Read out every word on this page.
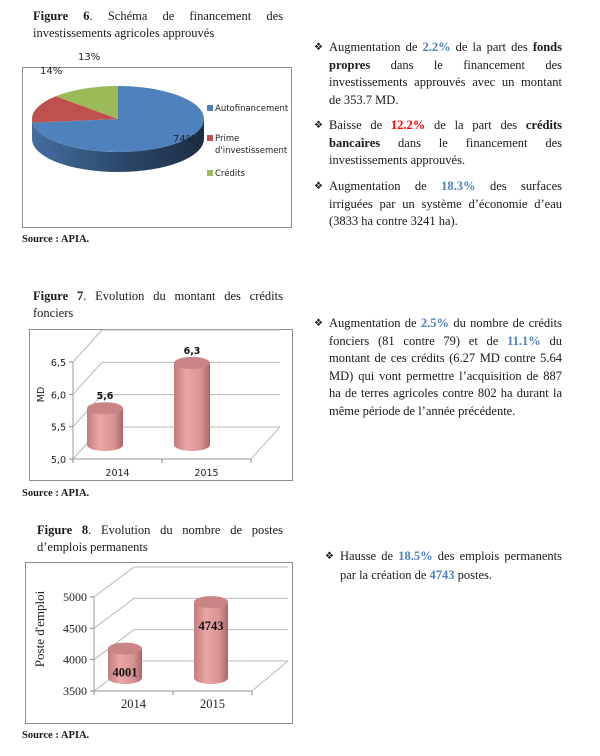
Figure 6. Schéma de financement des investissements agricoles approuvés
74%
14%
13%
Autofinancement
Prime
d'investissement
Crédits
Source : APIA.
Figure 7. Evolution du montant des crédits fonciers
5,0
5,5
6,0
6,5
MD	5,6
2014
6,3
2015
Source : APIA.
Figure 8. Evolution du nombre de postes d’emplois permanents
3500
4000
4500
5000
Poste d'emploi
4001
2014
4743
2015
Source : APIA.
❖ Augmentation de 2.2% de la part des fonds propres dans le financement des investissements approuvés avec un montant de 353.7 MD.
❖ Baisse de 12.2% de la part des crédits bancaires dans le financement des investissements approuvés.
❖ Augmentation de 18.3% des surfaces irriguées par un système d’économie d’eau (3833 ha contre 3241 ha).
❖ Augmentation de 2.5% du nombre de crédits fonciers (81 contre 79) et de 11.1% du montant de ces crédits (6.27 MD contre 5.64 MD) qui vont permettre l’acquisition de 887 ha de terres agricoles contre 802 ha durant la même période de l’année précédente.
❖ Hausse de 18.5% des emplois permanents par la création de 4743 postes.
